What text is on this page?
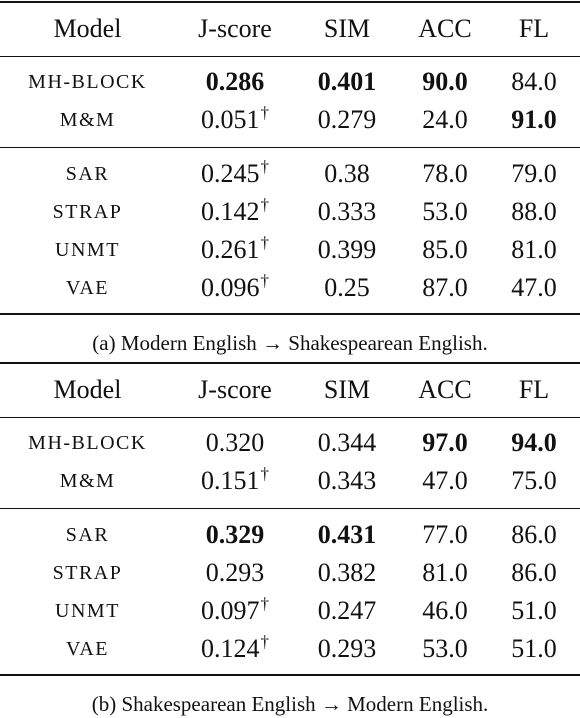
Model	J-score	SIM	ACC	FL
MH-BLOCK	0.286	0.401	90.0	84.0
M&M	0.051†	0.279	24.0	91.0
SAR	0.245†	0.38	78.0	79.0
STRAP	0.142†	0.333	53.0	88.0
UNMT	0.261†	0.399	85.0	81.0
VAE	0.096†	0.25	87.0	47.0
(a) Modern English → Shakespearean English.
Model	J-score	SIM	ACC	FL
MH-BLOCK	0.320	0.344	97.0	94.0
M&M	0.151†	0.343	47.0	75.0
SAR	0.329	0.431	77.0	86.0
STRAP	0.293	0.382	81.0	86.0
UNMT	0.097†	0.247	46.0	51.0
VAE	0.124†	0.293	53.0	51.0
(b) Shakespearean English → Modern English.
